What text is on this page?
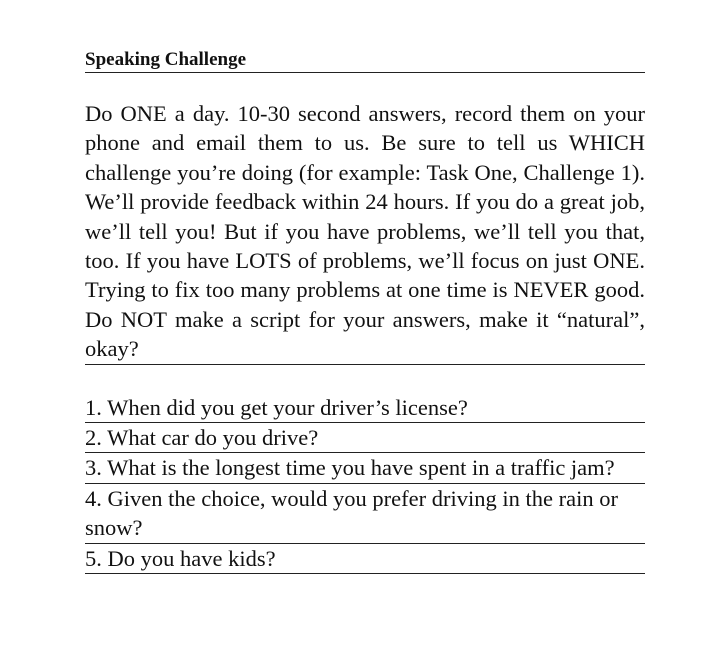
Speaking Challenge
Do ONE a day. 10-30 second answers, record them on your phone and email them to us. Be sure to tell us WHICH challenge you’re doing (for example: Task One, Challenge 1). We’ll provide feedback within 24 hours. If you do a great job, we’ll tell you! But if you have problems, we’ll tell you that, too. If you have LOTS of problems, we’ll focus on just ONE. Trying to fix too many problems at one time is NEVER good. Do NOT make a script for your answers, make it “natural”, okay?
1. When did you get your driver’s license?
2. What car do you drive?
3. What is the longest time you have spent in a traffic jam?
4. Given the choice, would you prefer driving in the rain or snow?
5. Do you have kids?
